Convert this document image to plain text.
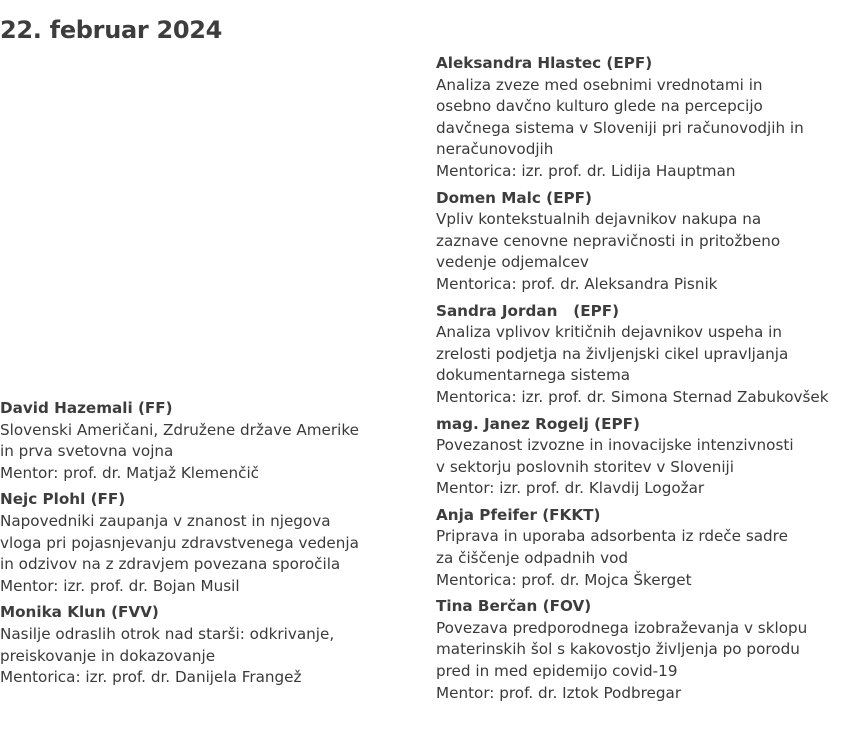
22. februar 2024
David Hazemali (FF)
Slovenski Američani, Združene države Amerike
in prva svetovna vojna
Mentor: prof. dr. Matjaž Klemenčič
Nejc Plohl (FF)
Napovedniki zaupanja v znanost in njegova
vloga pri pojasnjevanju zdravstvenega vedenja
in odzivov na z zdravjem povezana sporočila
Mentor: izr. prof. dr. Bojan Musil
Monika Klun (FVV)
Nasilje odraslih otrok nad starši: odkrivanje,
preiskovanje in dokazovanje
Mentorica: izr. prof. dr. Danijela Frangež
Aleksandra Hlastec (EPF)
Analiza zveze med osebnimi vrednotami in
osebno davčno kulturo glede na percepcijo
davčnega sistema v Sloveniji pri računovodjih in
neračunovodjih
Mentorica: izr. prof. dr. Lidija Hauptman
Domen Malc (EPF)
Vpliv kontekstualnih dejavnikov nakupa na
zaznave cenovne nepravičnosti in pritožbeno
vedenje odjemalcev
Mentorica: prof. dr. Aleksandra Pisnik
Sandra Jordan   (EPF)
Analiza vplivov kritičnih dejavnikov uspeha in
zrelosti podjetja na življenjski cikel upravljanja
dokumentarnega sistema
Mentorica: izr. prof. dr. Simona Sternad Zabukovšek
mag. Janez Rogelj (EPF)
Povezanost izvozne in inovacijske intenzivnosti
v sektorju poslovnih storitev v Sloveniji
Mentor: izr. prof. dr. Klavdij Logožar
Anja Pfeifer (FKKT)
Priprava in uporaba adsorbenta iz rdeče sadre
za čiščenje odpadnih vod
Mentorica: prof. dr. Mojca Škerget
Tina Berčan (FOV)
Povezava predporodnega izobraževanja v sklopu
materinskih šol s kakovostjo življenja po porodu
pred in med epidemijo covid-19
Mentor: prof. dr. Iztok Podbregar
